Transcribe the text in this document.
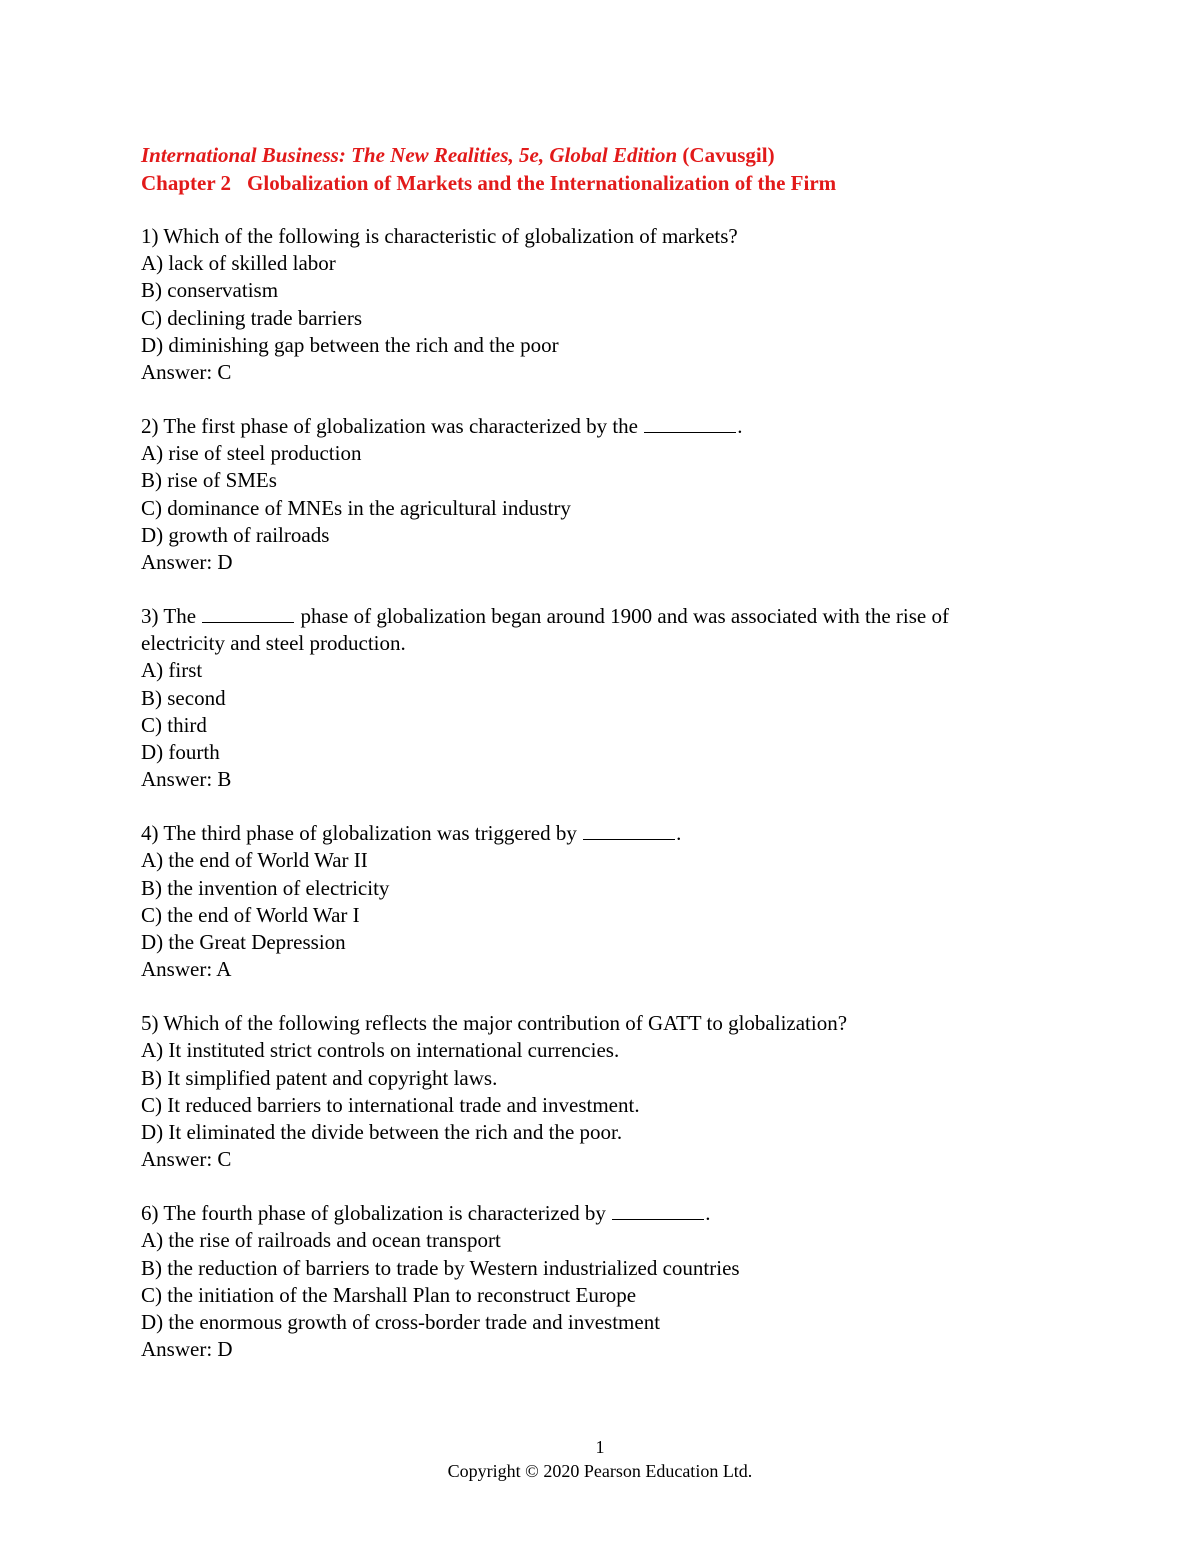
International Business: The New Realities, 5e, Global Edition (Cavusgil)
Chapter 2 Globalization of Markets and the Internationalization of the Firm
1) Which of the following is characteristic of globalization of markets?
A) lack of skilled labor
B) conservatism
C) declining trade barriers
D) diminishing gap between the rich and the poor
Answer: C
2) The first phase of globalization was characterized by the	.
A) rise of steel production
B) rise of SMEs
C) dominance of MNEs in the agricultural industry
D) growth of railroads
Answer: D
3) The	phase of globalization began around 1900 and was associated with the rise of
electricity and steel production.
A) first
B) second
C) third
D) fourth
Answer: B
4) The third phase of globalization was triggered by	.
A) the end of World War II
B) the invention of electricity
C) the end of World War I
D) the Great Depression
Answer: A
5) Which of the following reflects the major contribution of GATT to globalization?
A) It instituted strict controls on international currencies.
B) It simplified patent and copyright laws.
C) It reduced barriers to international trade and investment.
D) It eliminated the divide between the rich and the poor.
Answer: C
6) The fourth phase of globalization is characterized by	.
A) the rise of railroads and ocean transport
B) the reduction of barriers to trade by Western industrialized countries
C) the initiation of the Marshall Plan to reconstruct Europe
D) the enormous growth of cross-border trade and investment
Answer: D
1
Copyright © 2020 Pearson Education Ltd.
